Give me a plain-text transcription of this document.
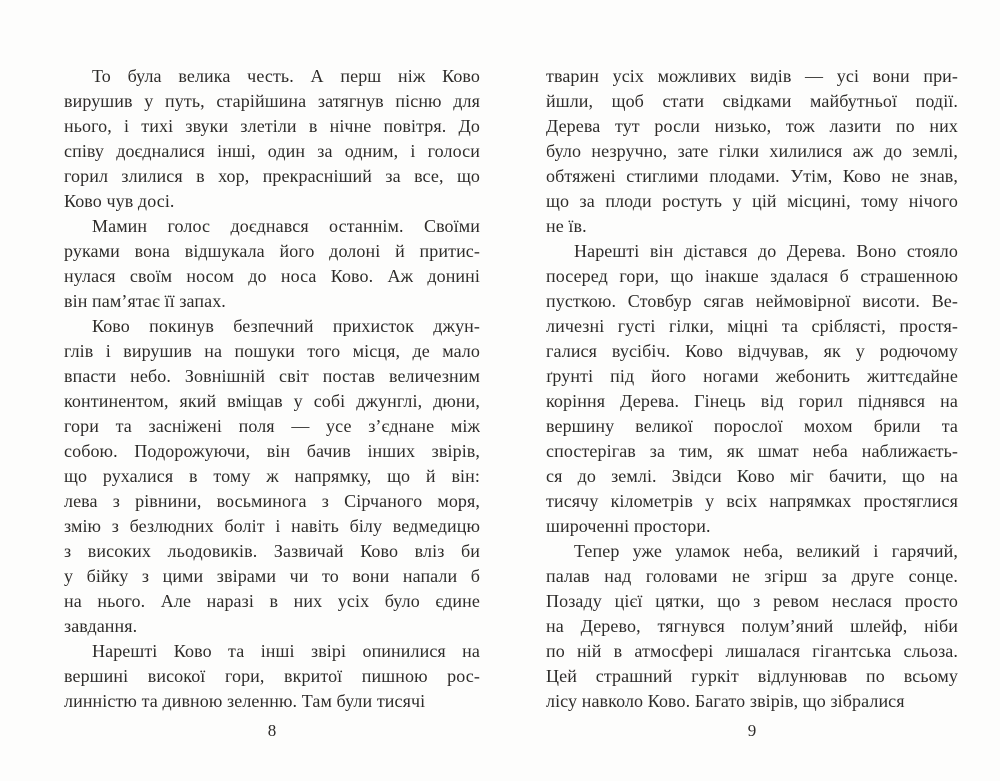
То була велика честь. А перш ніж Ково
вирушив у путь, старійшина затягнув пісню для
нього, і тихі звуки злетіли в нічне повітря. До
співу доєдналися інші, один за одним, і голоси
горил злилися в хор, прекрасніший за все, що
Ково чув досі.
Мамин голос доєднався останнім. Своїми
руками вона відшукала його долоні й притис-
нулася своїм носом до носа Ково. Аж донині
він пам’ятає її запах.
Ково покинув безпечний прихисток джун-
глів і вирушив на пошуки того місця, де мало
впасти небо. Зовнішній світ постав величезним
континентом, який вміщав у собі джунглі, дюни,
гори та засніжені поля — усе з’єднане між
собою. Подорожуючи, він бачив інших звірів,
що рухалися в тому ж напрямку, що й він:
лева з рівнини, восьминога з Сірчаного моря,
змію з безлюдних боліт і навіть білу ведмедицю
з високих льодовиків. Зазвичай Ково вліз би
у бійку з цими звірами чи то вони напали б
на нього. Але наразі в них усіх було єдине
завдання.
Нарешті Ково та інші звірі опинилися на
вершині високої гори, вкритої пишною рос-
линністю та дивною зеленню. Там були тисячі
8
тварин усіх можливих видів — усі вони при-
йшли, щоб стати свідками майбутньої події.
Дерева тут росли низько, тож лазити по них
було незручно, зате гілки хилилися аж до землі,
обтяжені стиглими плодами. Утім, Ково не знав,
що за плоди ростуть у цій місцині, тому нічого
не їв.
Нарешті він дістався до Дерева. Воно стояло
посеред гори, що інакше здалася б страшенною
пусткою. Стовбур сягав неймовірної висоти. Ве-
личезні густі гілки, міцні та сріблясті, простя-
галися вусібіч. Ково відчував, як у родючому
ґрунті під його ногами жебонить життєдайне
коріння Дерева. Гінець від горил піднявся на
вершину великої порослої мохом брили та
спостерігав за тим, як шмат неба наближаєть-
ся до землі. Звідси Ково міг бачити, що на
тисячу кілометрів у всіх напрямках простяглися
широченні простори.
Тепер уже уламок неба, великий і гарячий,
палав над головами не згірш за друге сонце.
Позаду цієї цятки, що з ревом неслася просто
на Дерево, тягнувся полум’яний шлейф, ніби
по ній в атмосфері лишалася гігантська сльоза.
Цей страшний гуркіт відлунював по всьому
лісу навколо Ково. Багато звірів, що зібралися
9
